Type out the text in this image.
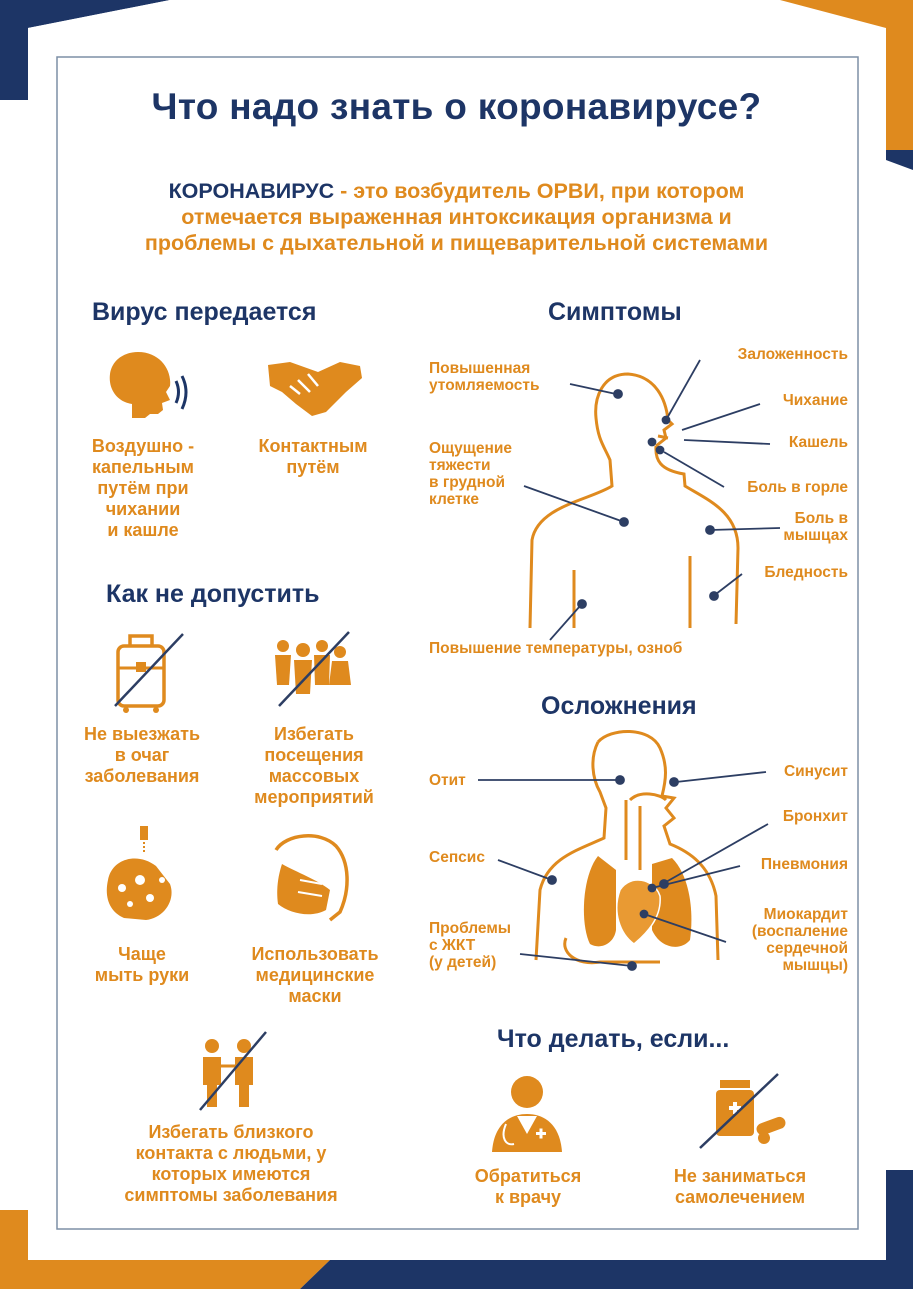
Что надо знать о коронавирусе?
КОРОНАВИРУС - это возбудитель ОРВИ, при котором
отмечается выраженная интоксикация организма и
проблемы с дыхательной и пищеварительной системами
Вирус передается	Симптомы
Как не допустить
Осложнения
Что делать, если...
Воздушно -
капельным
путём при
чихании
и кашле
Контактным
путём
Не выезжать
в очаг
заболевания
Избегать
посещения
массовых
мероприятий
Чаще
мыть руки
Использовать
медицинские
маски
Избегать близкого
контакта с людьми, у
которых имеются
симптомы заболевания
Обратиться
к врачу
Не заниматься
самолечением
Повышенная
утомляемость
Ощущение
тяжести
в грудной
клетке
Заложенность
Чихание
Кашель
Боль в горле
Боль в
мышцах
Бледность
Повышение температуры, озноб
Отит
Синусит
Бронхит
Сепсис	Пневмония
Проблемы
с ЖКТ
(у детей)
Миокардит
(воспаление
сердечной
мышцы)
